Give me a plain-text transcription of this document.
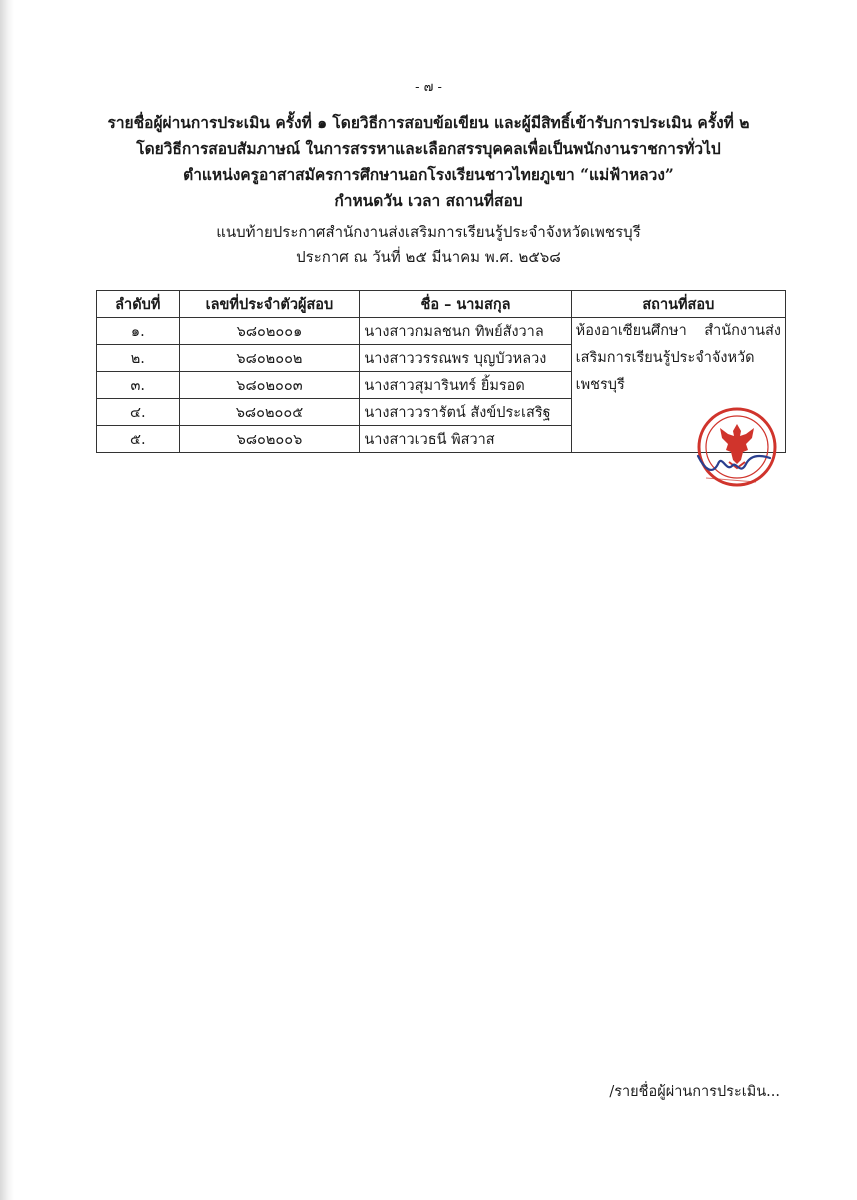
- ๗ -
รายชื่อผู้ผ่านการประเมิน ครั้งที่ ๑ โดยวิธีการสอบข้อเขียน และผู้มีสิทธิ์เข้ารับการประเมิน ครั้งที่ ๒
โดยวิธีการสอบสัมภาษณ์ ในการสรรหาและเลือกสรรบุคคลเพื่อเป็นพนักงานราชการทั่วไป
ตำแหน่งครูอาสาสมัครการศึกษานอกโรงเรียนชาวไทยภูเขา “แม่ฟ้าหลวง”
กำหนดวัน เวลา สถานที่สอบ
แนบท้ายประกาศสำนักงานส่งเสริมการเรียนรู้ประจำจังหวัดเพชรบุรี
ประกาศ ณ วันที่ ๒๕ มีนาคม พ.ศ. ๒๕๖๘
ลำดับที่	เลขที่ประจำตัวผู้สอบ	ชื่อ – นามสกุล	สถานที่สอบ
๑.	๖๘๐๒๐๐๑	นางสาวกมลชนก ทิพย์สังวาล	ห้องอาเซียนศึกษา สำนักงานส่งเสริมการเรียนรู้ประจำจังหวัดเพชรบุรี
๒.	๖๘๐๒๐๐๒	นางสาววรรณพร บุญบัวหลวง	
๓.	๖๘๐๒๐๐๓	นางสาวสุมารินทร์ ยิ้มรอด	
๔.	๖๘๐๒๐๐๕	นางสาววรารัตน์ สังข์ประเสริฐ	
๕.	๖๘๐๒๐๐๖	นางสาวเวธนี พิสวาส	
/รายชื่อผู้ผ่านการประเมิน...
